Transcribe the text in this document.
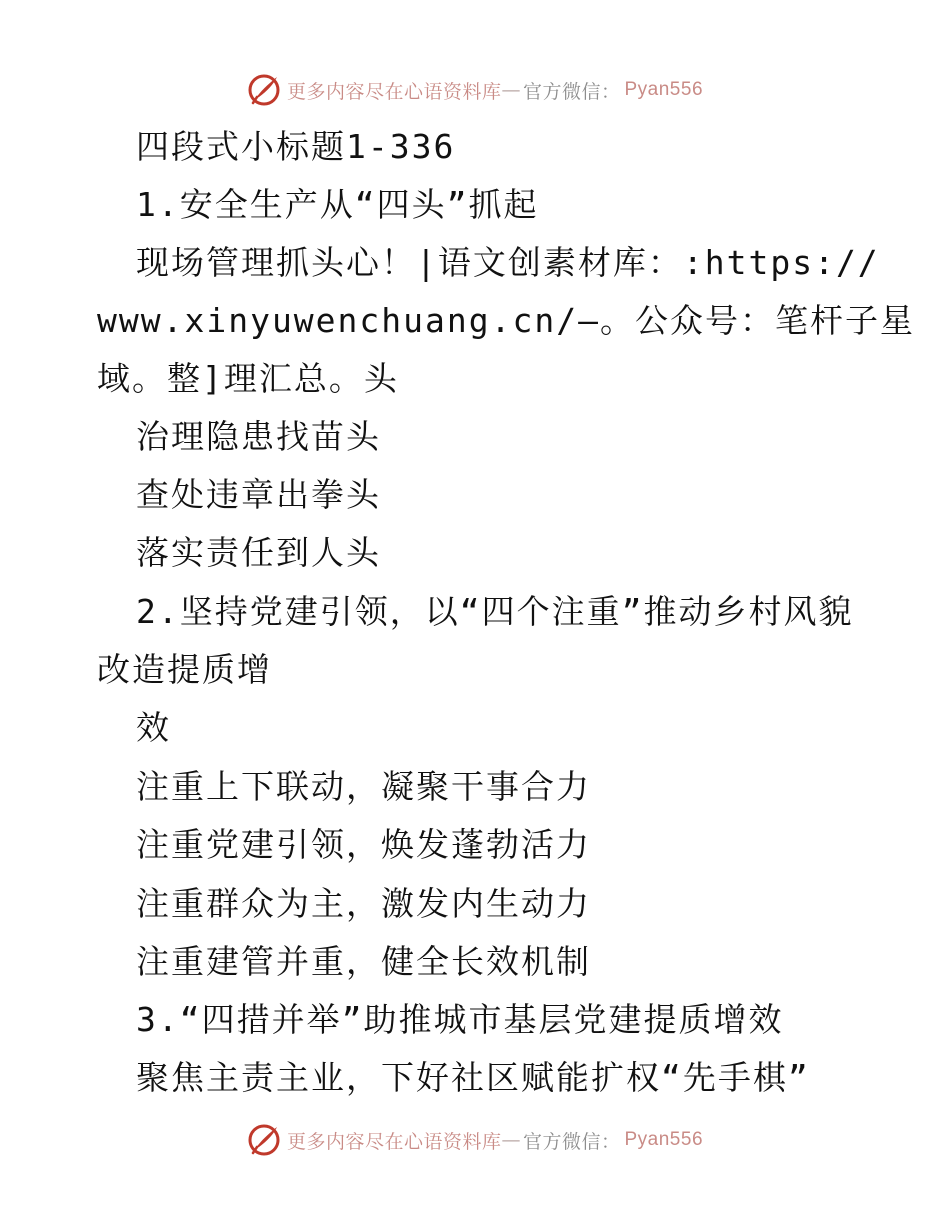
更多内容尽在心语资料库 — 官方微信： Pyan556
四段式小标题1-336
1.安全生产从“四头”抓起
现场管理抓头心！|语文创素材库：:https://
www.xinyuwenchuang.cn/—。公众号：笔杆子星
域。整]理汇总。头
治理隐患找苗头
查处违章出拳头
落实责任到人头
2.坚持党建引领，以“四个注重”推动乡村风貌
改造提质增
效
注重上下联动，凝聚干事合力
注重党建引领，焕发蓬勃活力
注重群众为主，激发内生动力
注重建管并重，健全长效机制
3.“四措并举”助推城市基层党建提质增效
聚焦主责主业，下好社区赋能扩权“先手棋”
更多内容尽在心语资料库 — 官方微信： Pyan556
